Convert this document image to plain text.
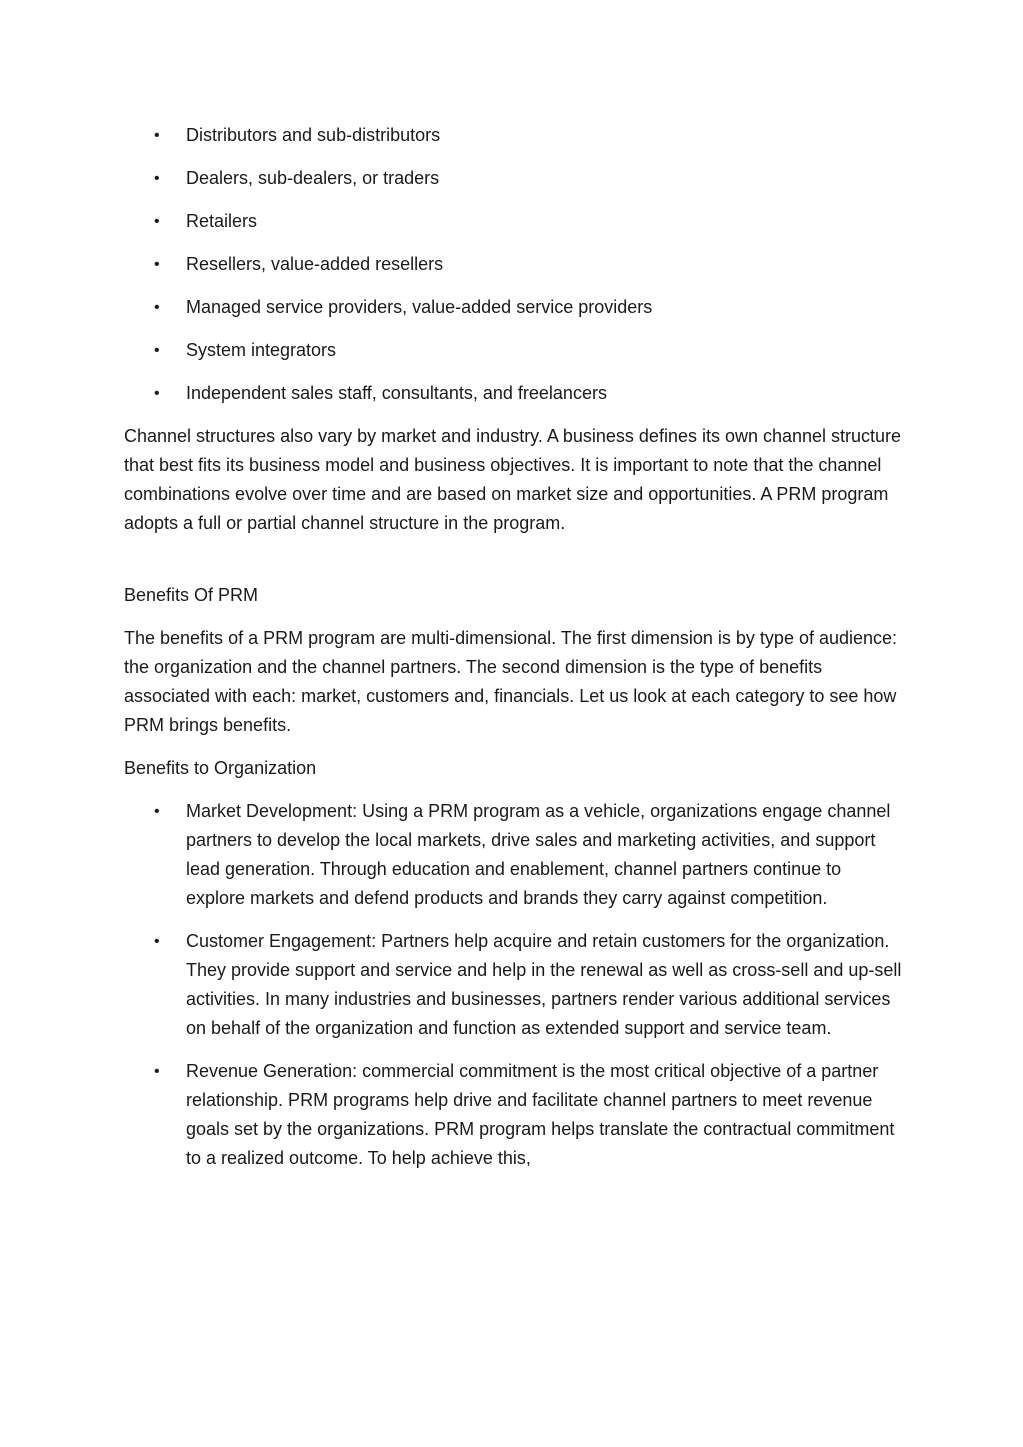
• Distributors and sub-distributors
• Dealers, sub-dealers, or traders
• Retailers
• Resellers, value-added resellers
• Managed service providers, value-added service providers
• System integrators
• Independent sales staff, consultants, and freelancers

Channel structures also vary by market and industry. A business defines its own channel structure that best fits its business model and business objectives. It is important to note that the channel combinations evolve over time and are based on market size and opportunities. A PRM program adopts a full or partial channel structure in the program.

Benefits Of PRM

The benefits of a PRM program are multi-dimensional. The first dimension is by type of audience: the organization and the channel partners. The second dimension is the type of benefits associated with each: market, customers and, financials. Let us look at each category to see how PRM brings benefits.

Benefits to Organization

• Market Development: Using a PRM program as a vehicle, organizations engage channel partners to develop the local markets, drive sales and marketing activities, and support lead generation. Through education and enablement, channel partners continue to explore markets and defend products and brands they carry against competition.
• Customer Engagement: Partners help acquire and retain customers for the organization. They provide support and service and help in the renewal as well as cross-sell and up-sell activities. In many industries and businesses, partners render various additional services on behalf of the organization and function as extended support and service team.
• Revenue Generation: commercial commitment is the most critical objective of a partner relationship. PRM programs help drive and facilitate channel partners to meet revenue goals set by the organizations. PRM program helps translate the contractual commitment to a realized outcome. To help achieve this,
